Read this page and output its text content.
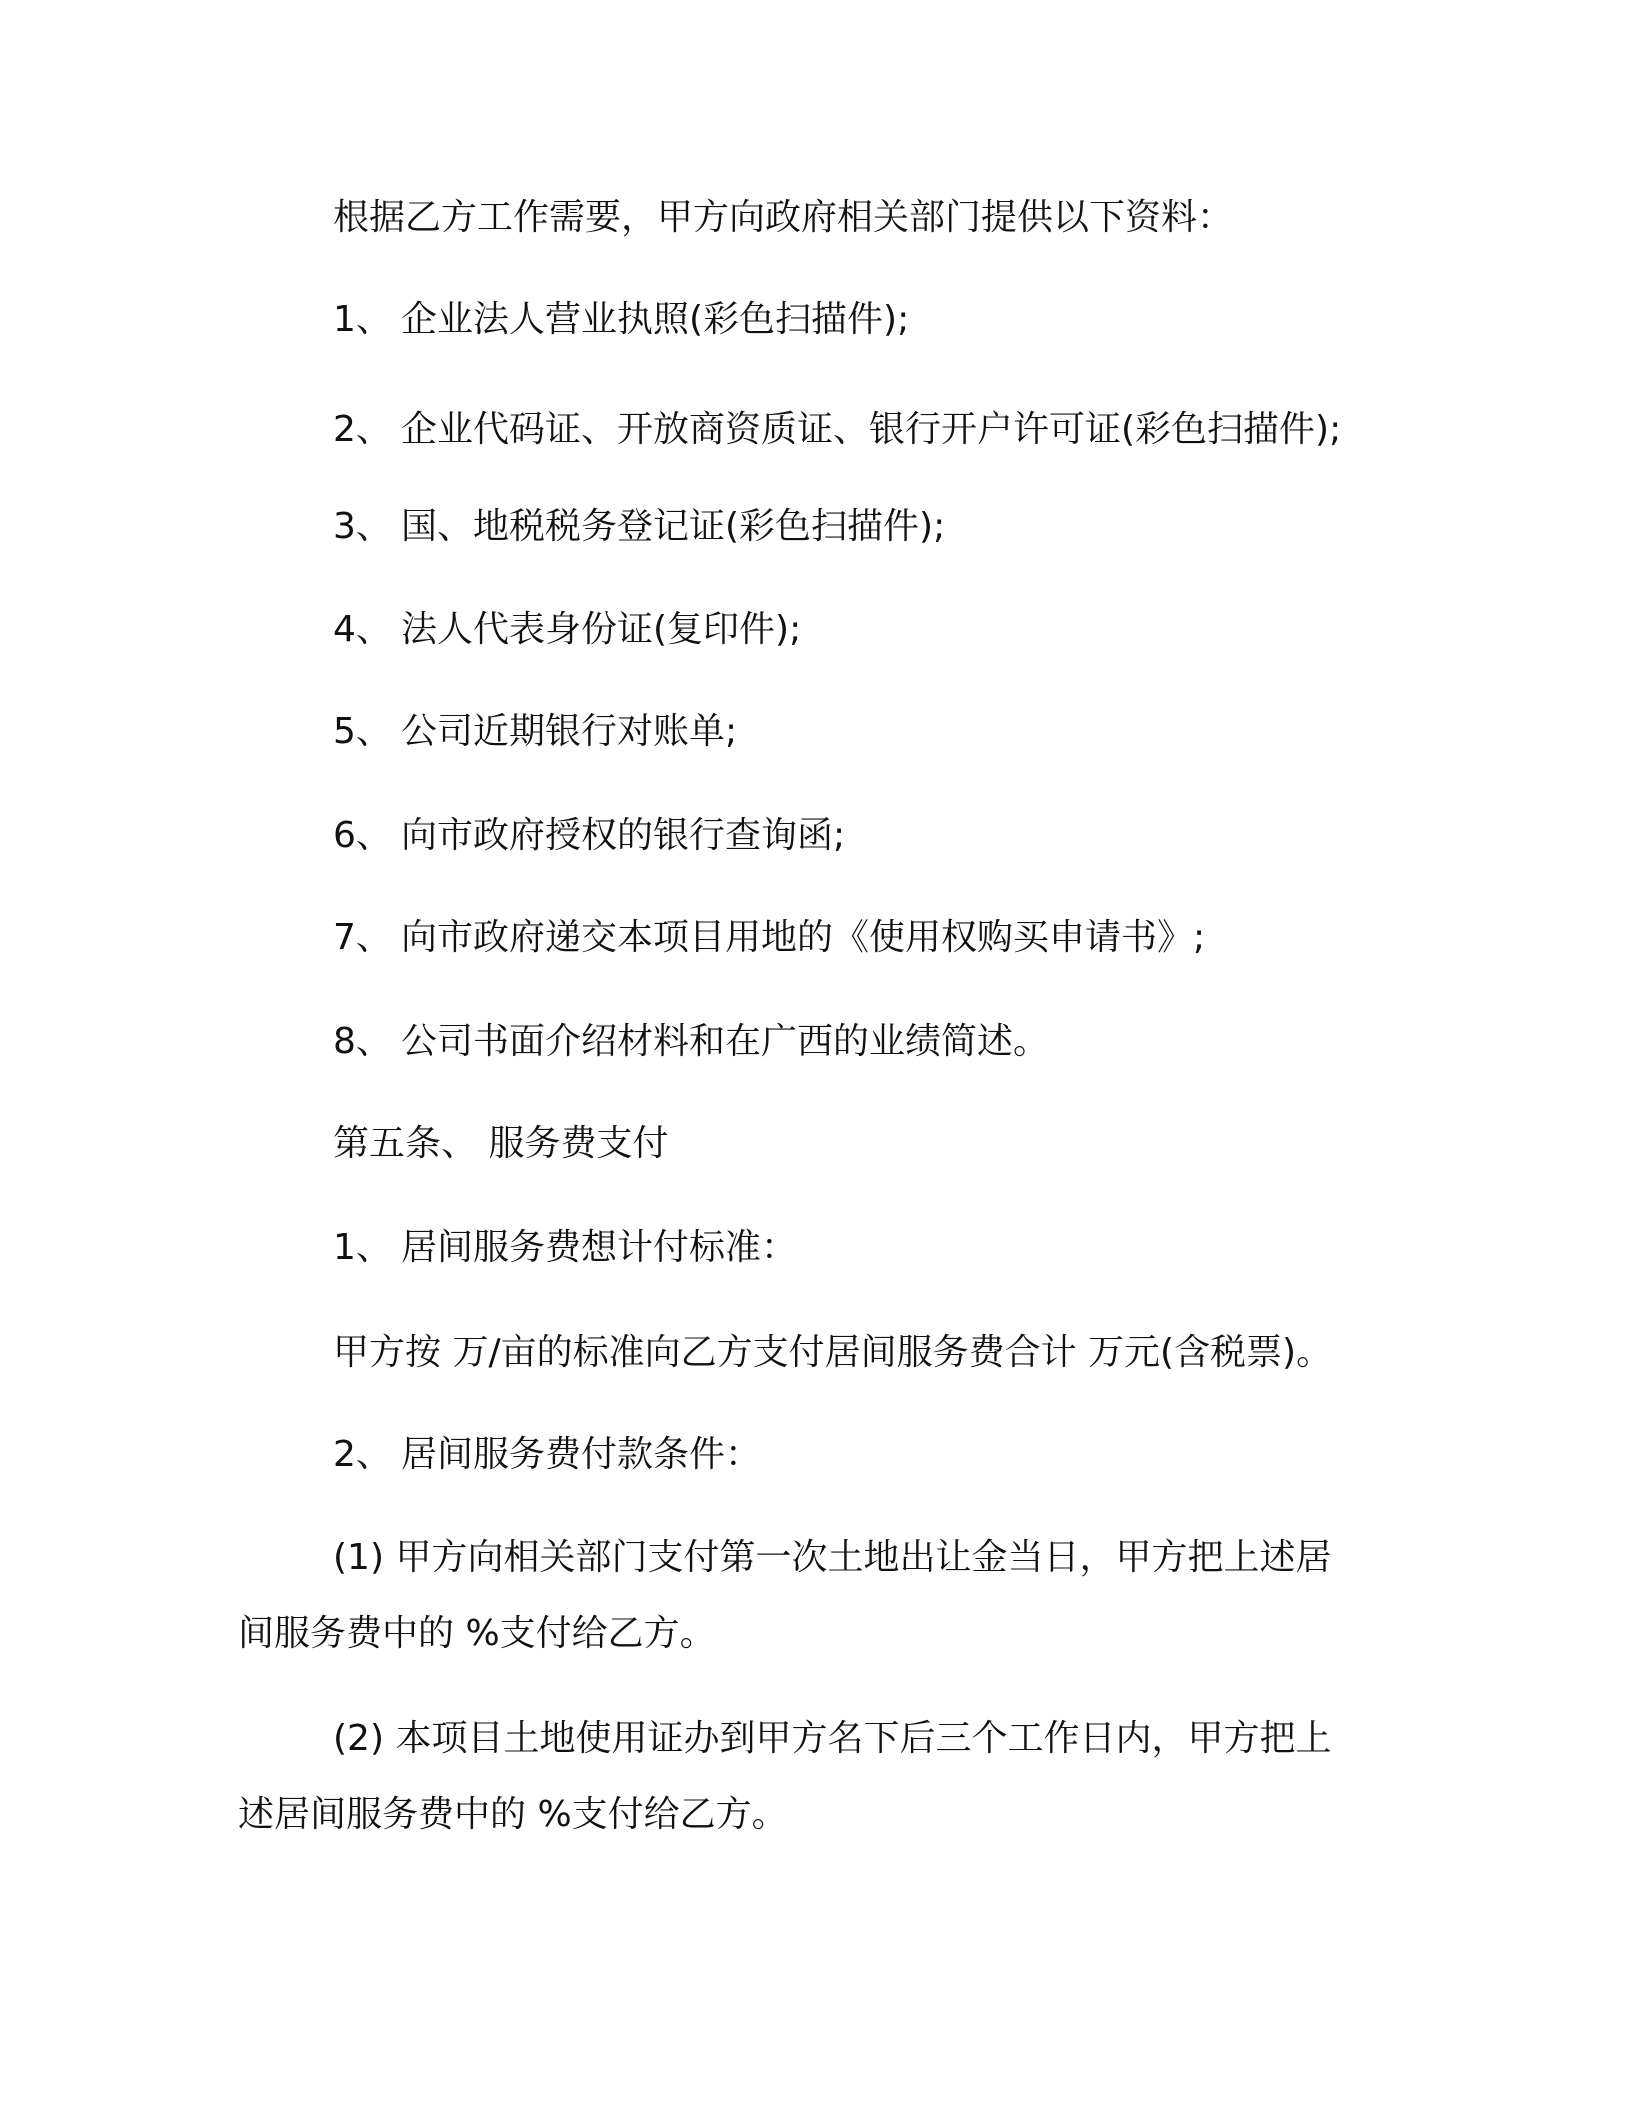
根据乙方工作需要，甲方向政府相关部门提供以下资料：
1、 企业法人营业执照(彩色扫描件);
2、 企业代码证、开放商资质证、银行开户许可证(彩色扫描件);
3、 国、地税税务登记证(彩色扫描件);
4、 法人代表身份证(复印件);
5、 公司近期银行对账单;
6、 向市政府授权的银行查询函;
7、 向市政府递交本项目用地的《使用权购买申请书》;
8、 公司书面介绍材料和在广西的业绩简述。
第五条、 服务费支付
1、 居间服务费想计付标准：
甲方按 万/亩的标准向乙方支付居间服务费合计 万元(含税票)。
2、 居间服务费付款条件：
(1) 甲方向相关部门支付第一次土地出让金当日，甲方把上述居
间服务费中的 %支付给乙方。
(2) 本项目土地使用证办到甲方名下后三个工作日内，甲方把上
述居间服务费中的 %支付给乙方。
